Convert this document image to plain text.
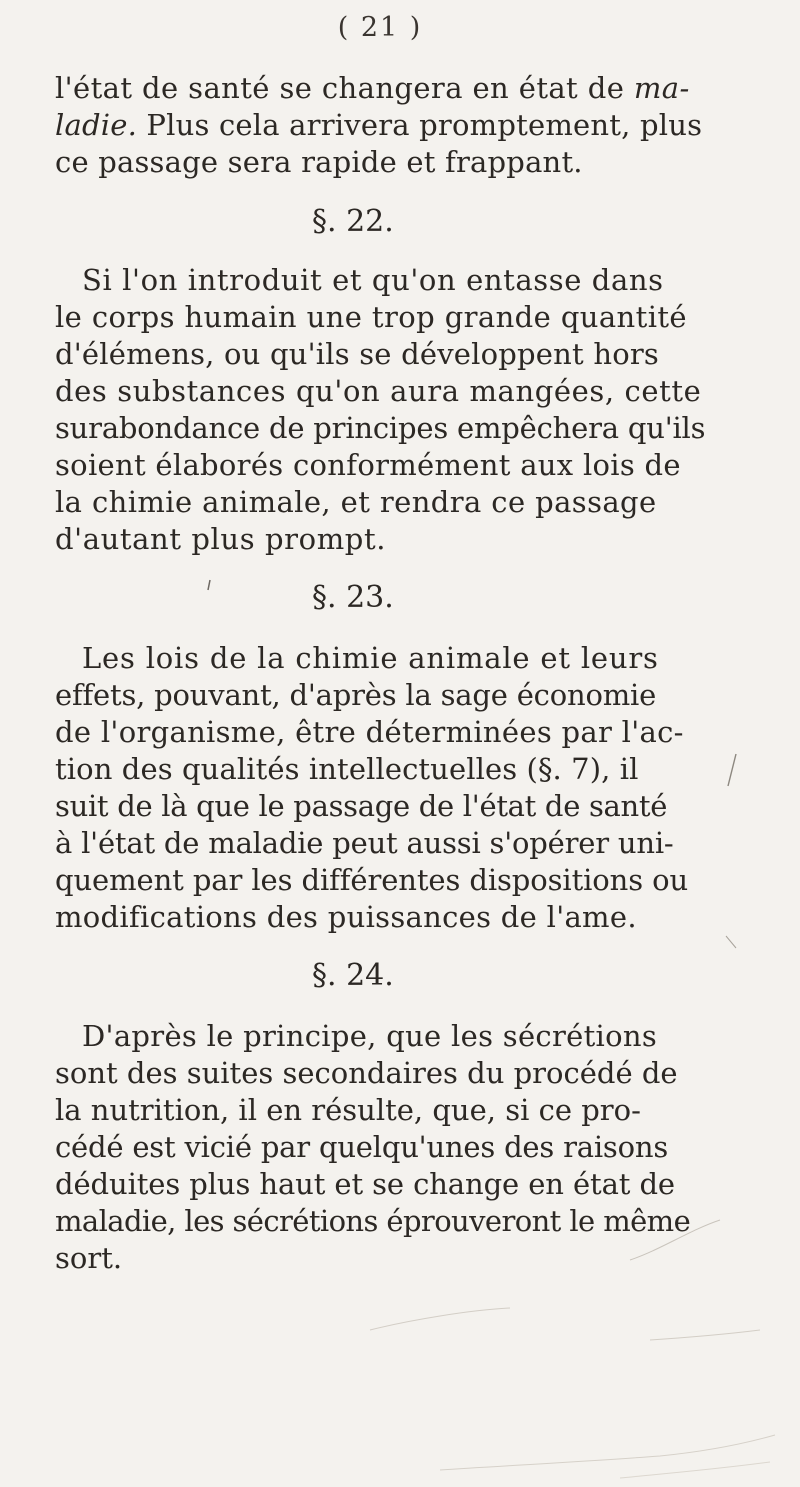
( 21 )
l'état de santé se changera en état de ma-
ladie. Plus cela arrivera promptement, plus
ce passage sera rapide et frappant.
§. 22.
Si l'on introduit et qu'on entasse dans
le corps humain une trop grande quantité
d'élémens, ou qu'ils se développent hors
des substances qu'on aura mangées, cette
surabondance de principes empêchera qu'ils
soient élaborés conformément aux lois de
la chimie animale, et rendra ce passage
d'autant plus prompt.
§. 23.
Les lois de la chimie animale et leurs
effets, pouvant, d'après la sage économie
de l'organisme, être déterminées par l'ac-
tion des qualités intellectuelles (§. 7), il
suit de là que le passage de l'état de santé
à l'état de maladie peut aussi s'opérer uni-
quement par les différentes dispositions ou
modifications des puissances de l'ame.
§. 24.
D'après le principe, que les sécrétions
sont des suites secondaires du procédé de
la nutrition, il en résulte, que, si ce pro-
cédé est vicié par quelqu'unes des raisons
déduites plus haut et se change en état de
maladie, les sécrétions éprouveront le même
sort.
